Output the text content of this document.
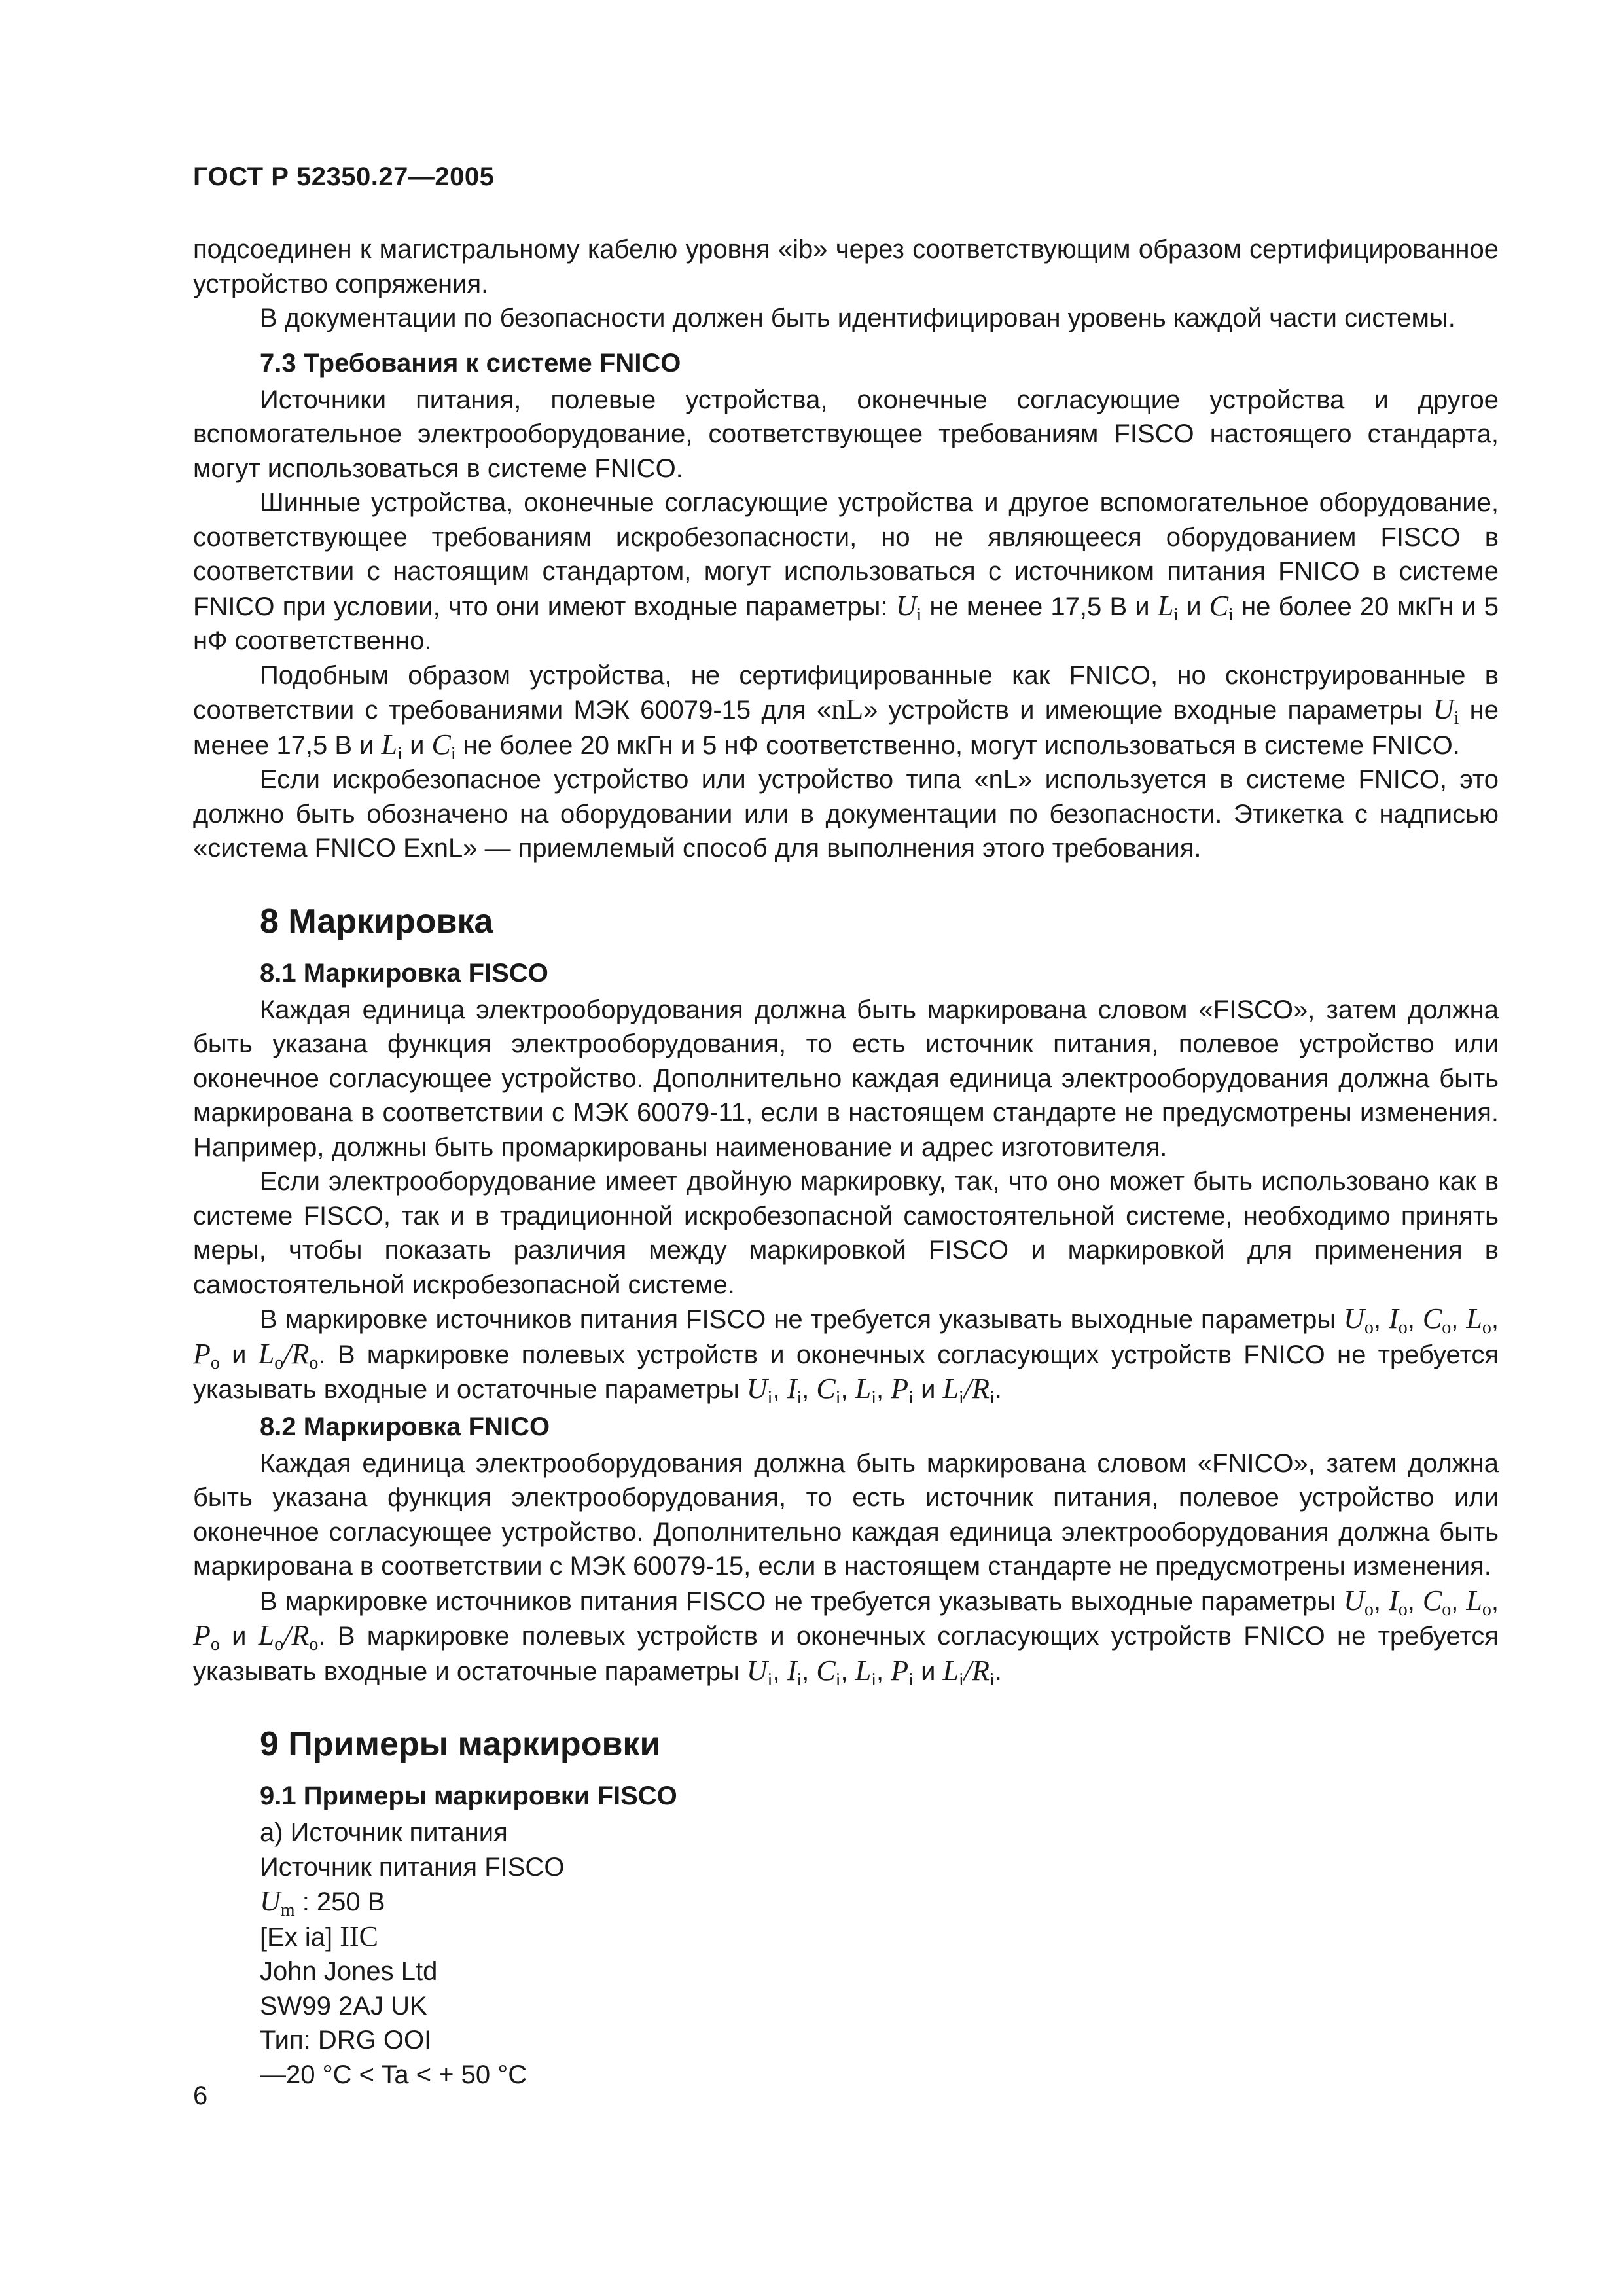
ГОСТ Р 52350.27—2005

подсоединен к магистральному кабелю уровня «ib» через соответствующим образом сертифицированное устройство сопряжения.

В документации по безопасности должен быть идентифицирован уровень каждой части системы.

7.3 Требования к системе FNICO

Источники питания, полевые устройства, оконечные согласующие устройства и другое вспомогательное электрооборудование, соответствующее требованиям FISCO настоящего стандарта, могут использоваться в системе FNICO.

Шинные устройства, оконечные согласующие устройства и другое вспомогательное оборудование, соответствующее требованиям искробезопасности, но не являющееся оборудованием FISCO в соответствии с настоящим стандартом, могут использоваться с источником питания FNICO в системе FNICO при условии, что они имеют входные параметры: $U_i$ не менее 17,5 В и $L_i$ и $C_i$ не более 20 мкГн и 5 нФ соответственно.

Подобным образом устройства, не сертифицированные как FNICO, но сконструированные в соответствии с требованиями МЭК 60079-15 для «nL» устройств и имеющие входные параметры $U_i$ не менее 17,5 В и $L_i$ и $C_i$ не более 20 мкГн и 5 нФ соответственно, могут использоваться в системе FNICO.

Если искробезопасное устройство или устройство типа «nL» используется в системе FNICO, это должно быть обозначено на оборудовании или в документации по безопасности. Этикетка с надписью «система FNICO ExnL» — приемлемый способ для выполнения этого требования.

8 Маркировка
8.1 Маркировка FISCO

Каждая единица электрооборудования должна быть маркирована словом «FISCO», затем должна быть указана функция электрооборудования, то есть источник питания, полевое устройство или оконечное согласующее устройство. Дополнительно каждая единица электрооборудования должна быть маркирована в соответствии с МЭК 60079-11, если в настоящем стандарте не предусмотрены изменения. Например, должны быть промаркированы наименование и адрес изготовителя.

Если электрооборудование имеет двойную маркировку, так, что оно может быть использовано как в системе FISCO, так и в традиционной искробезопасной самостоятельной системе, необходимо принять меры, чтобы показать различия между маркировкой FISCO и маркировкой для применения в самостоятельной искробезопасной системе.

В маркировке источников питания FISCO не требуется указывать выходные параметры $U_o$, $I_o$, $C_o$, $L_o$, $P_o$ и $L_o/R_o$. В маркировке полевых устройств и оконечных согласующих устройств FNICO не требуется указывать входные и остаточные параметры $U_i$, $I_i$, $C_i$, $L_i$, $P_i$ и $L_i/R_i$.

8.2 Маркировка FNICO

Каждая единица электрооборудования должна быть маркирована словом «FNICO», затем должна быть указана функция электрооборудования, то есть источник питания, полевое устройство или оконечное согласующее устройство. Дополнительно каждая единица электрооборудования должна быть маркирована в соответствии с МЭК 60079-15, если в настоящем стандарте не предусмотрены изменения.

В маркировке источников питания FISCO не требуется указывать выходные параметры $U_o$, $I_o$, $C_o$, $L_o$, $P_o$ и $L_o/R_o$. В маркировке полевых устройств и оконечных согласующих устройств FNICO не требуется указывать входные и остаточные параметры $U_i$, $I_i$, $C_i$, $L_i$, $P_i$ и $L_i/R_i$.

9 Примеры маркировки
9.1 Примеры маркировки FISCO
а) Источник питания
Источник питания FISCO
$U_m$ : 250 В
[Ex ia] IIC
John Jones Ltd
SW99 2AJ UK
Тип: DRG OOI
—20 °C < Ta < + 50 °C
6
